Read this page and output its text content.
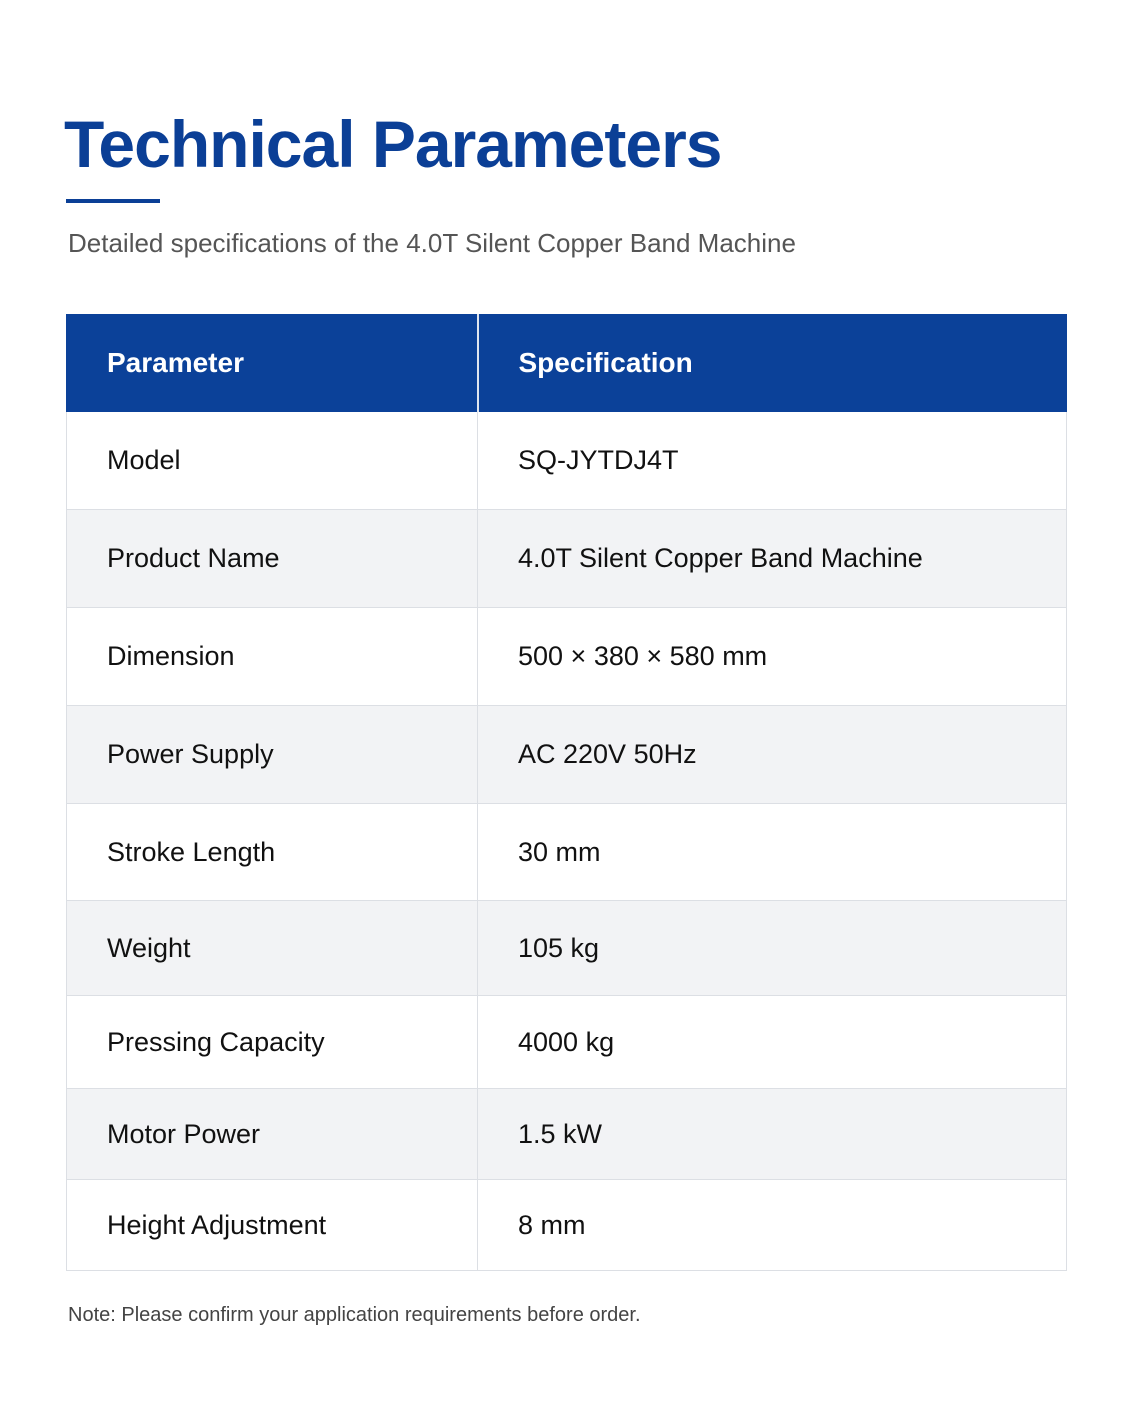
Technical Parameters

Detailed specifications of the 4.0T Silent Copper Band Machine

Parameter	Specification
Model	SQ-JYTDJ4T
Product Name	4.0T Silent Copper Band Machine
Dimension	500 × 380 × 580 mm
Power Supply	AC 220V 50Hz
Stroke Length	30 mm
Weight	105 kg
Pressing Capacity	4000 kg
Motor Power	1.5 kW
Height Adjustment	8 mm

Note: Please confirm your application requirements before order.
